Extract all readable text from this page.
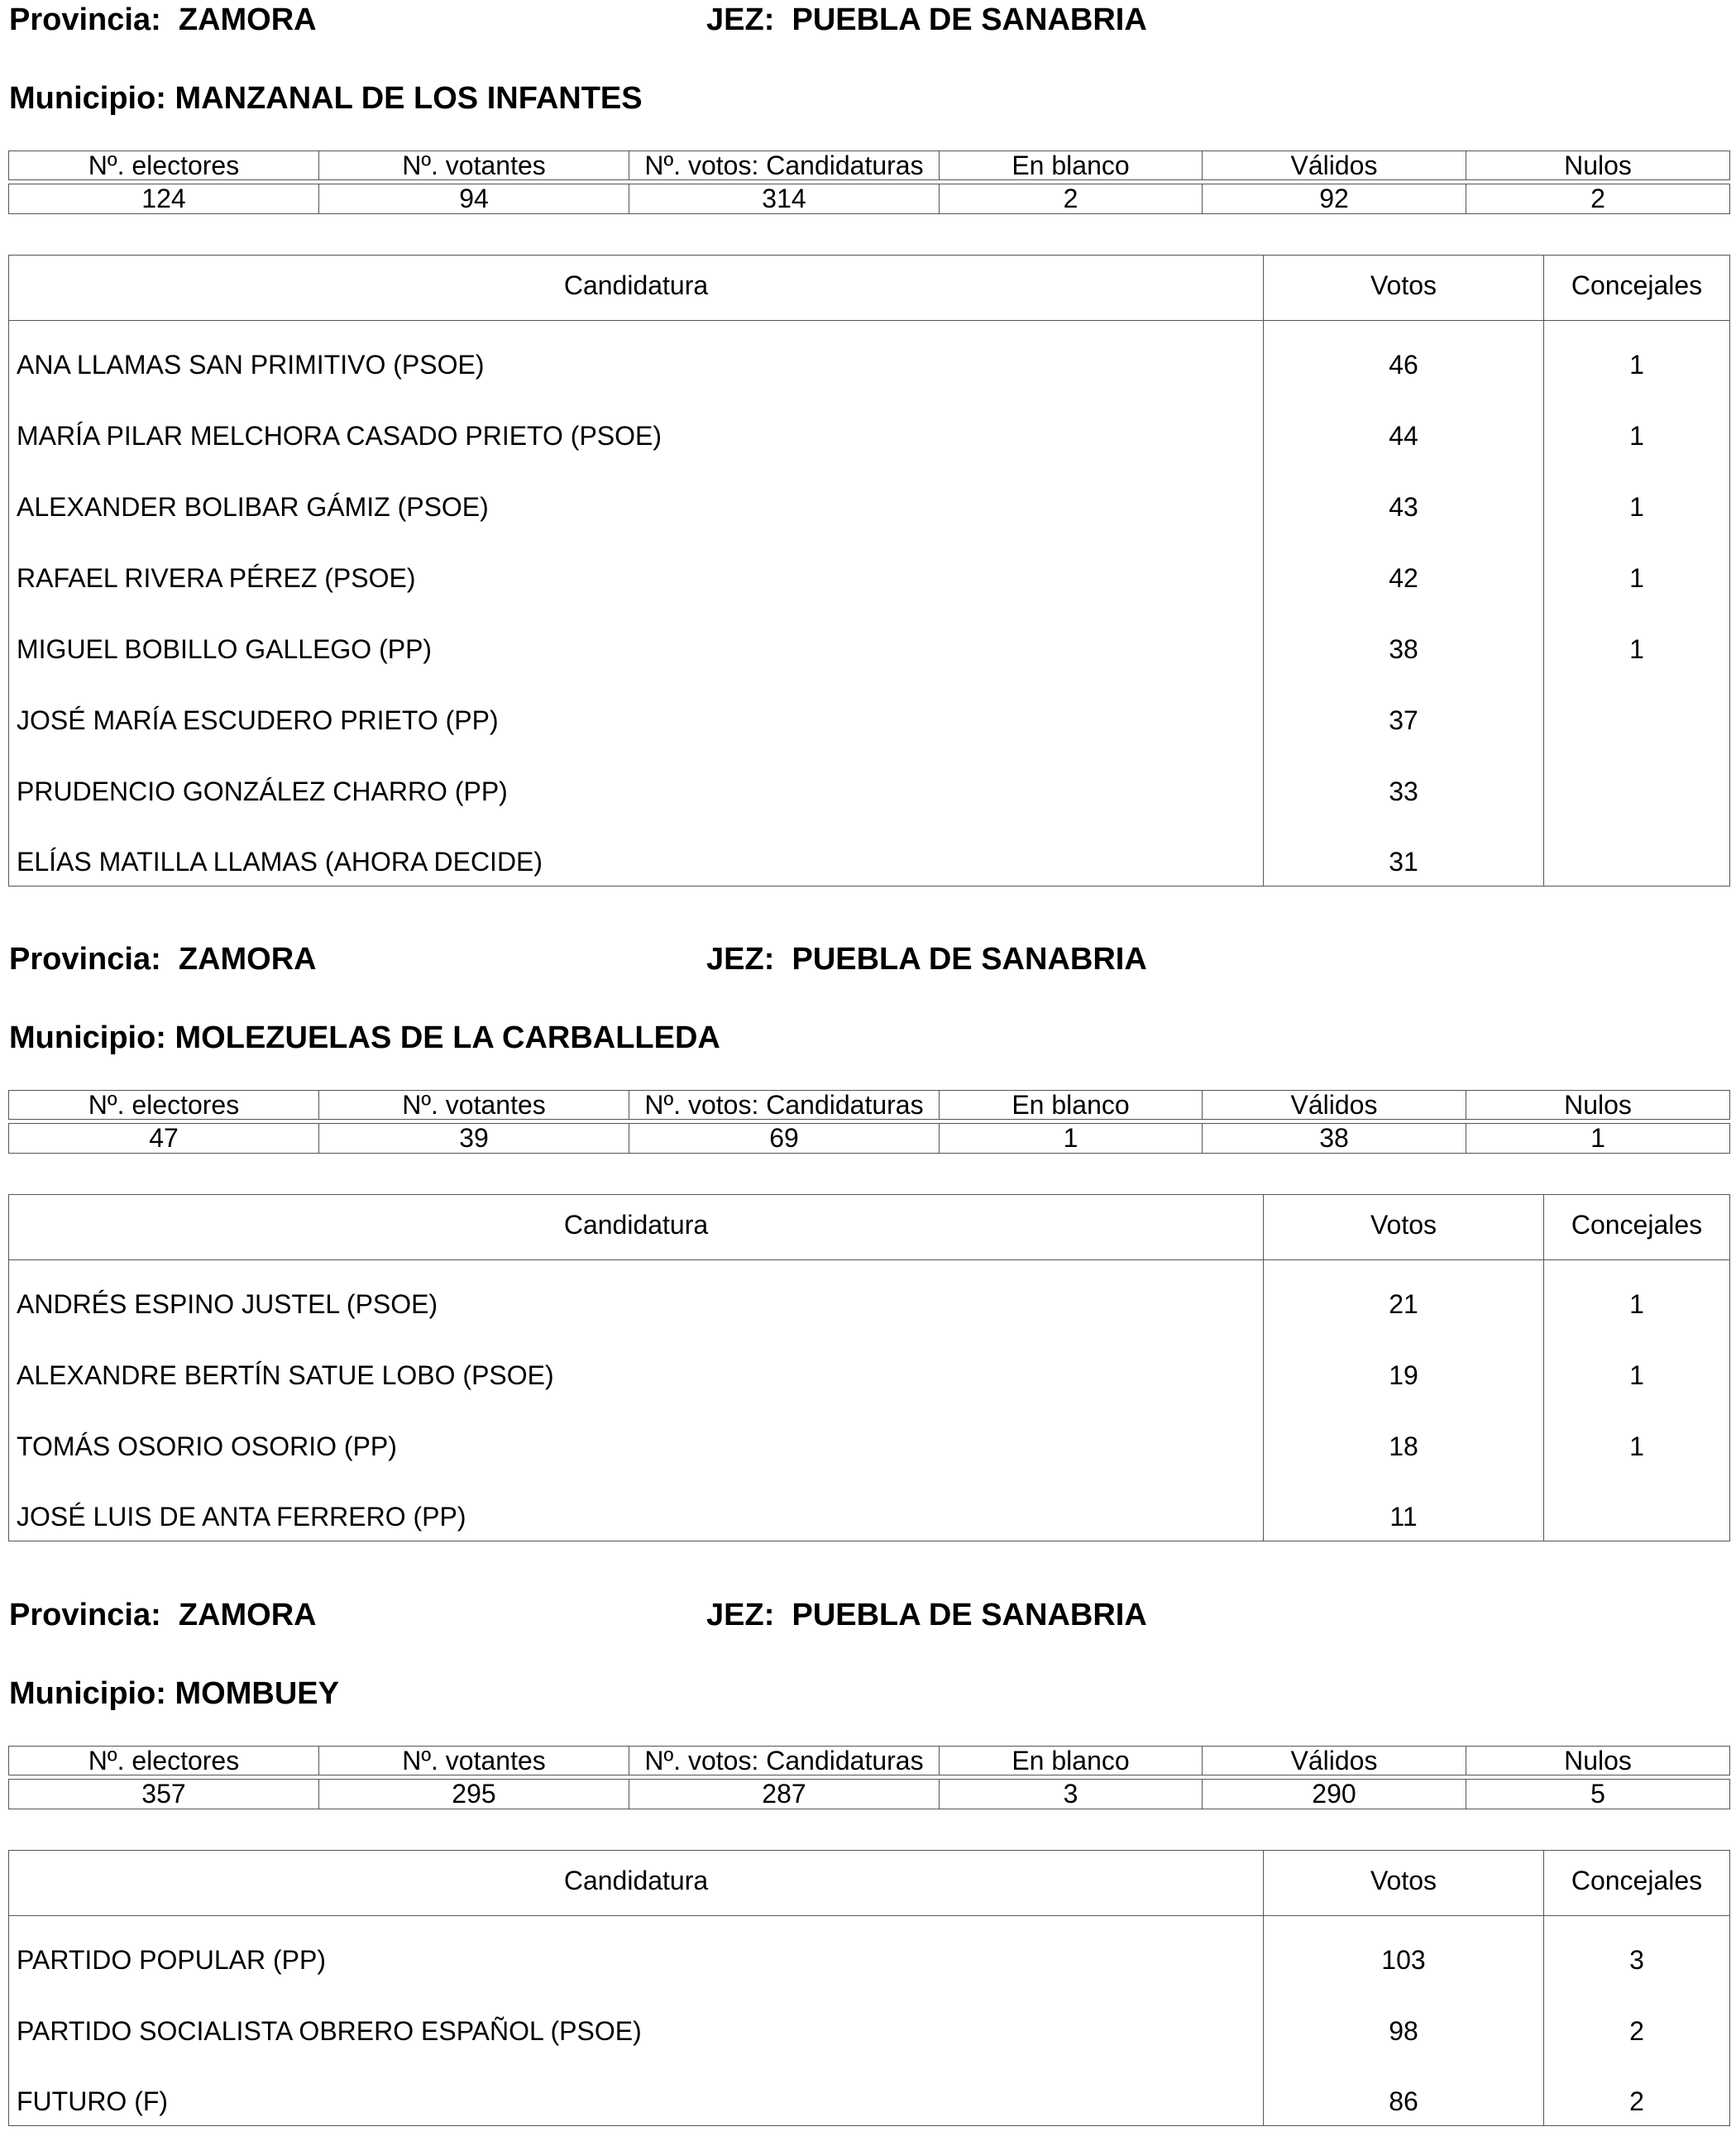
Provincia: ZAMORA	JEZ: PUEBLA DE SANABRIA
Municipio: MANZANAL DE LOS INFANTES
Nº. electores	Nº. votantes	Nº. votos: Candidaturas	En blanco	Válidos	Nulos

124	94	314	2	92	2
Candidatura	Votos	Concejales
ANA LLAMAS SAN PRIMITIVO (PSOE)	46	1
MARÍA PILAR MELCHORA CASADO PRIETO (PSOE)	44	1
ALEXANDER BOLIBAR GÁMIZ (PSOE)	43	1
RAFAEL RIVERA PÉREZ (PSOE)	42	1
MIGUEL BOBILLO GALLEGO (PP)	38	1
JOSÉ MARÍA ESCUDERO PRIETO (PP)	37	
PRUDENCIO GONZÁLEZ CHARRO (PP)	33	
ELÍAS MATILLA LLAMAS (AHORA DECIDE)	31	
Provincia: ZAMORA	JEZ: PUEBLA DE SANABRIA
Municipio: MOLEZUELAS DE LA CARBALLEDA
Nº. electores	Nº. votantes	Nº. votos: Candidaturas	En blanco	Válidos	Nulos

47	39	69	1	38	1
Candidatura	Votos	Concejales
ANDRÉS ESPINO JUSTEL (PSOE)	21	1
ALEXANDRE BERTÍN SATUE LOBO (PSOE)	19	1
TOMÁS OSORIO OSORIO (PP)	18	1
JOSÉ LUIS DE ANTA FERRERO (PP)	11	
Provincia: ZAMORA	JEZ: PUEBLA DE SANABRIA
Municipio: MOMBUEY
Nº. electores	Nº. votantes	Nº. votos: Candidaturas	En blanco	Válidos	Nulos

357	295	287	3	290	5
Candidatura	Votos	Concejales
PARTIDO POPULAR (PP)	103	3
PARTIDO SOCIALISTA OBRERO ESPAÑOL (PSOE)	98	2
FUTURO (F)	86	2
